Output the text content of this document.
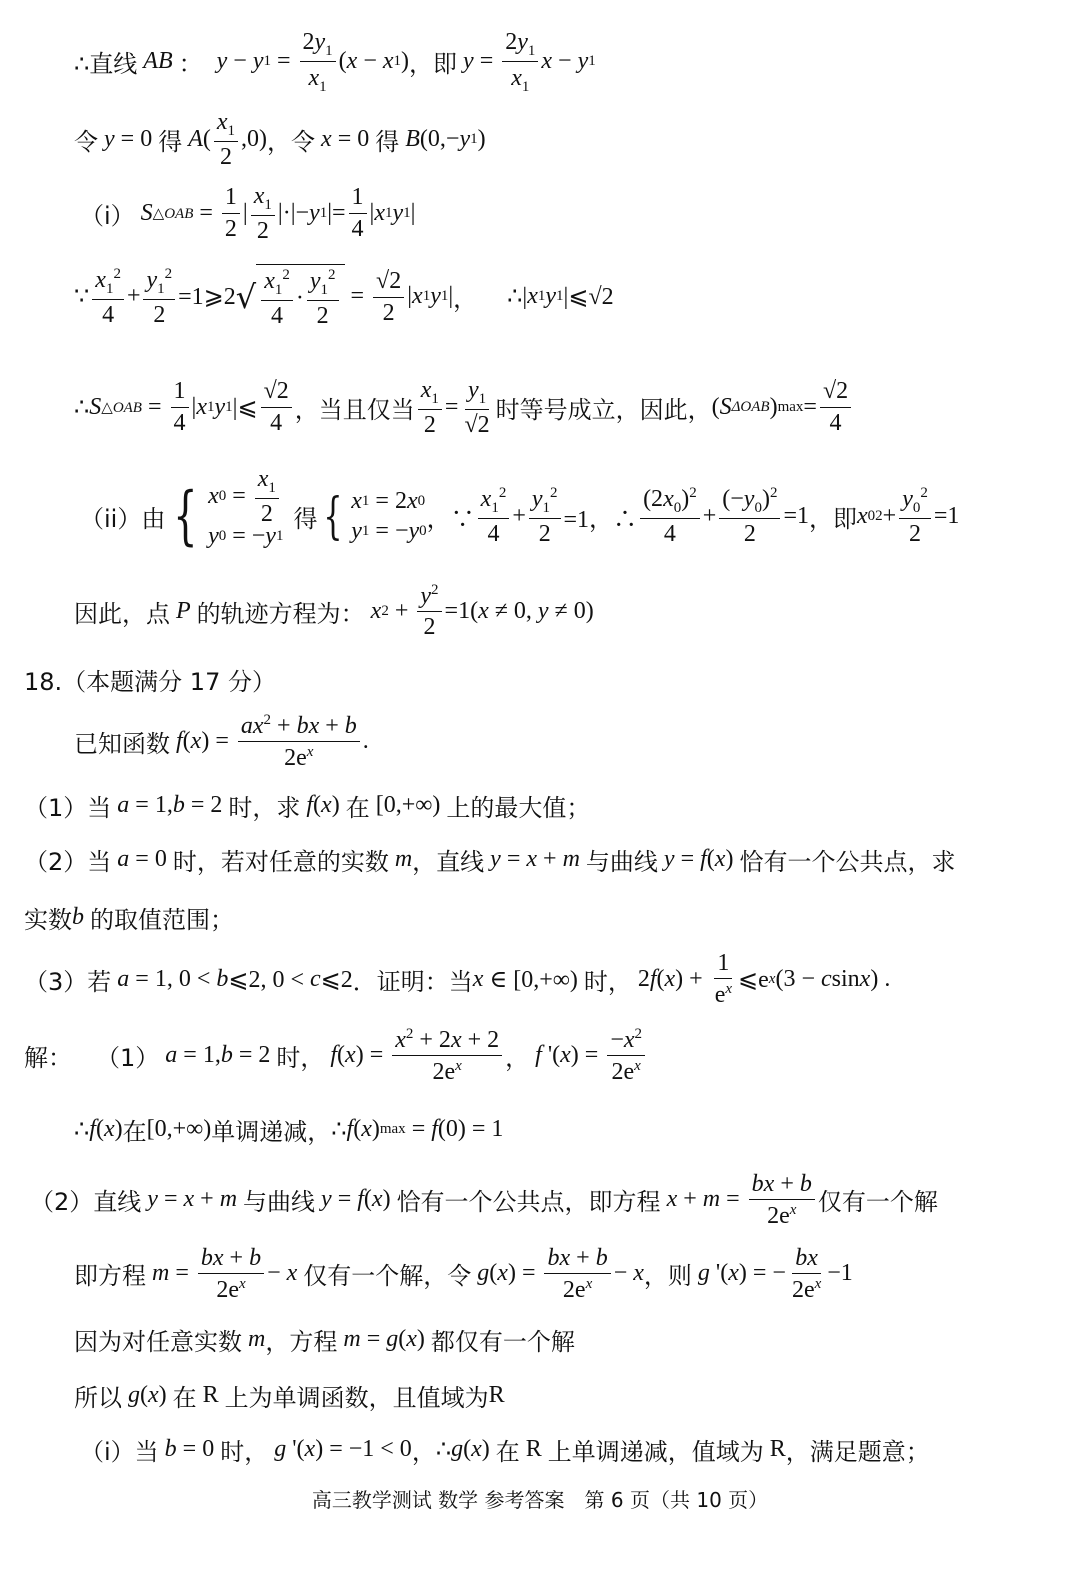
∴直线 AB ： y − y $1 = \frac{2y_1}{x_1}$ ( x − x 1 ) ，即 $y = \frac{2y_1}{x_1}$ x − y 1
令 y = 0 得 A ( $\frac{x_1}{2} ,0$) ，令 x = 0 得 B (0,− y 1 )
（i） S △OAB = $\frac{1}{2}$ | $\frac{x_1}{2}$ |·|− y 1 |= $\frac{1}{4}$ | x 1 y 1 |
∵ $\frac{x_1^2}{4} + \frac{y_1^2}{2}$ =1⩾2 √ $\frac{x_1^2}{4} \cdot \frac{y_1^2}{2} = \frac{√2}{2}$ | x 1 y 1 | ， ∴| x 1 y 1 |⩽√2
∴ S △OAB = $\frac{1}{4}$ | x 1 y 1 |⩽ $\frac{√2}{4}$ ，当且仅当 $\frac{x_1}{2} = \frac{y_1}{√2}$ 时等号成立，因此， ( S ΔOAB ) $\max = \frac{√2}{4}$
（ii）由 { x $0 = \frac{x_1}{2}$
y 0 = − y 1
得 { x 1 = 2 x 0
y 1 = − y 0 ，∵ $\frac{x_1^2}{4} + \frac{y_1^2}{2} =1$，∴ $\frac{(2x_0)^2}{4} + \frac{(-y_0)^2}{2} =1$ ，即 x 0 $2 + \frac{y_0^2}{2} =1$
因此，点 P 的轨迹方程为： x $2 + \frac{y^2}{2} =1$( x ≠ 0, y ≠ 0)
18.（本题满分 17 分）
已知函数 f ( x ) = $\frac{ax^2 + bx + b}{2e^x}$ .
（1）当 a = 1, b = 2 时，求 f ( x ) 在 [0,+∞) 上的最大值；
（2）当 a = 0 时，若对任意的实数 m ，直线 y = x + m 与曲线 y = f ( x ) 恰有一个公共点，求
实数 b 的取值范围；
（3）若 a = 1, 0 < b ⩽2, 0 < c ⩽2 ．证明：当 x ∈ [0,+∞) 时， 2 f ( x ) + $\frac{1}{e^x}$ ⩽e x (3 − c sin x ) .
解： （1） a = 1, b = 2 时， f ( x ) = $\frac{x^2 + 2x + 2}{2e^x}$ ， f '( x ) = $\frac{-x^2}{2e^x}$
∴ f ( x ) 在 [0,+∞) 单调递减， ∴ f ( x ) max = f (0) = 1
（2）直线 y = x + m 与曲线 y = f ( x ) 恰有一个公共点，即方程 $x + m = \frac{bx + b}{2e^x}$ 仅有一个解
即方程 $m = \frac{bx + b}{2e^x} - x$ 仅有一个解，令 g ( x ) = $\frac{bx + b}{2e^x} - x$ ，则 g '( x ) = − $\frac{bx}{2e^x} -1$
因为对任意实数 m ，方程 m = g ( x ) 都仅有一个解
所以 g ( x ) 在 R 上为单调函数，且值域为 R
（i）当 b = 0 时， g '( x ) = −1 < 0 ， ∴ g ( x ) 在 R 上单调递减，值域为 R ，满足题意；
高三教学测试 数学 参考答案　第 6 页（共 10 页）
